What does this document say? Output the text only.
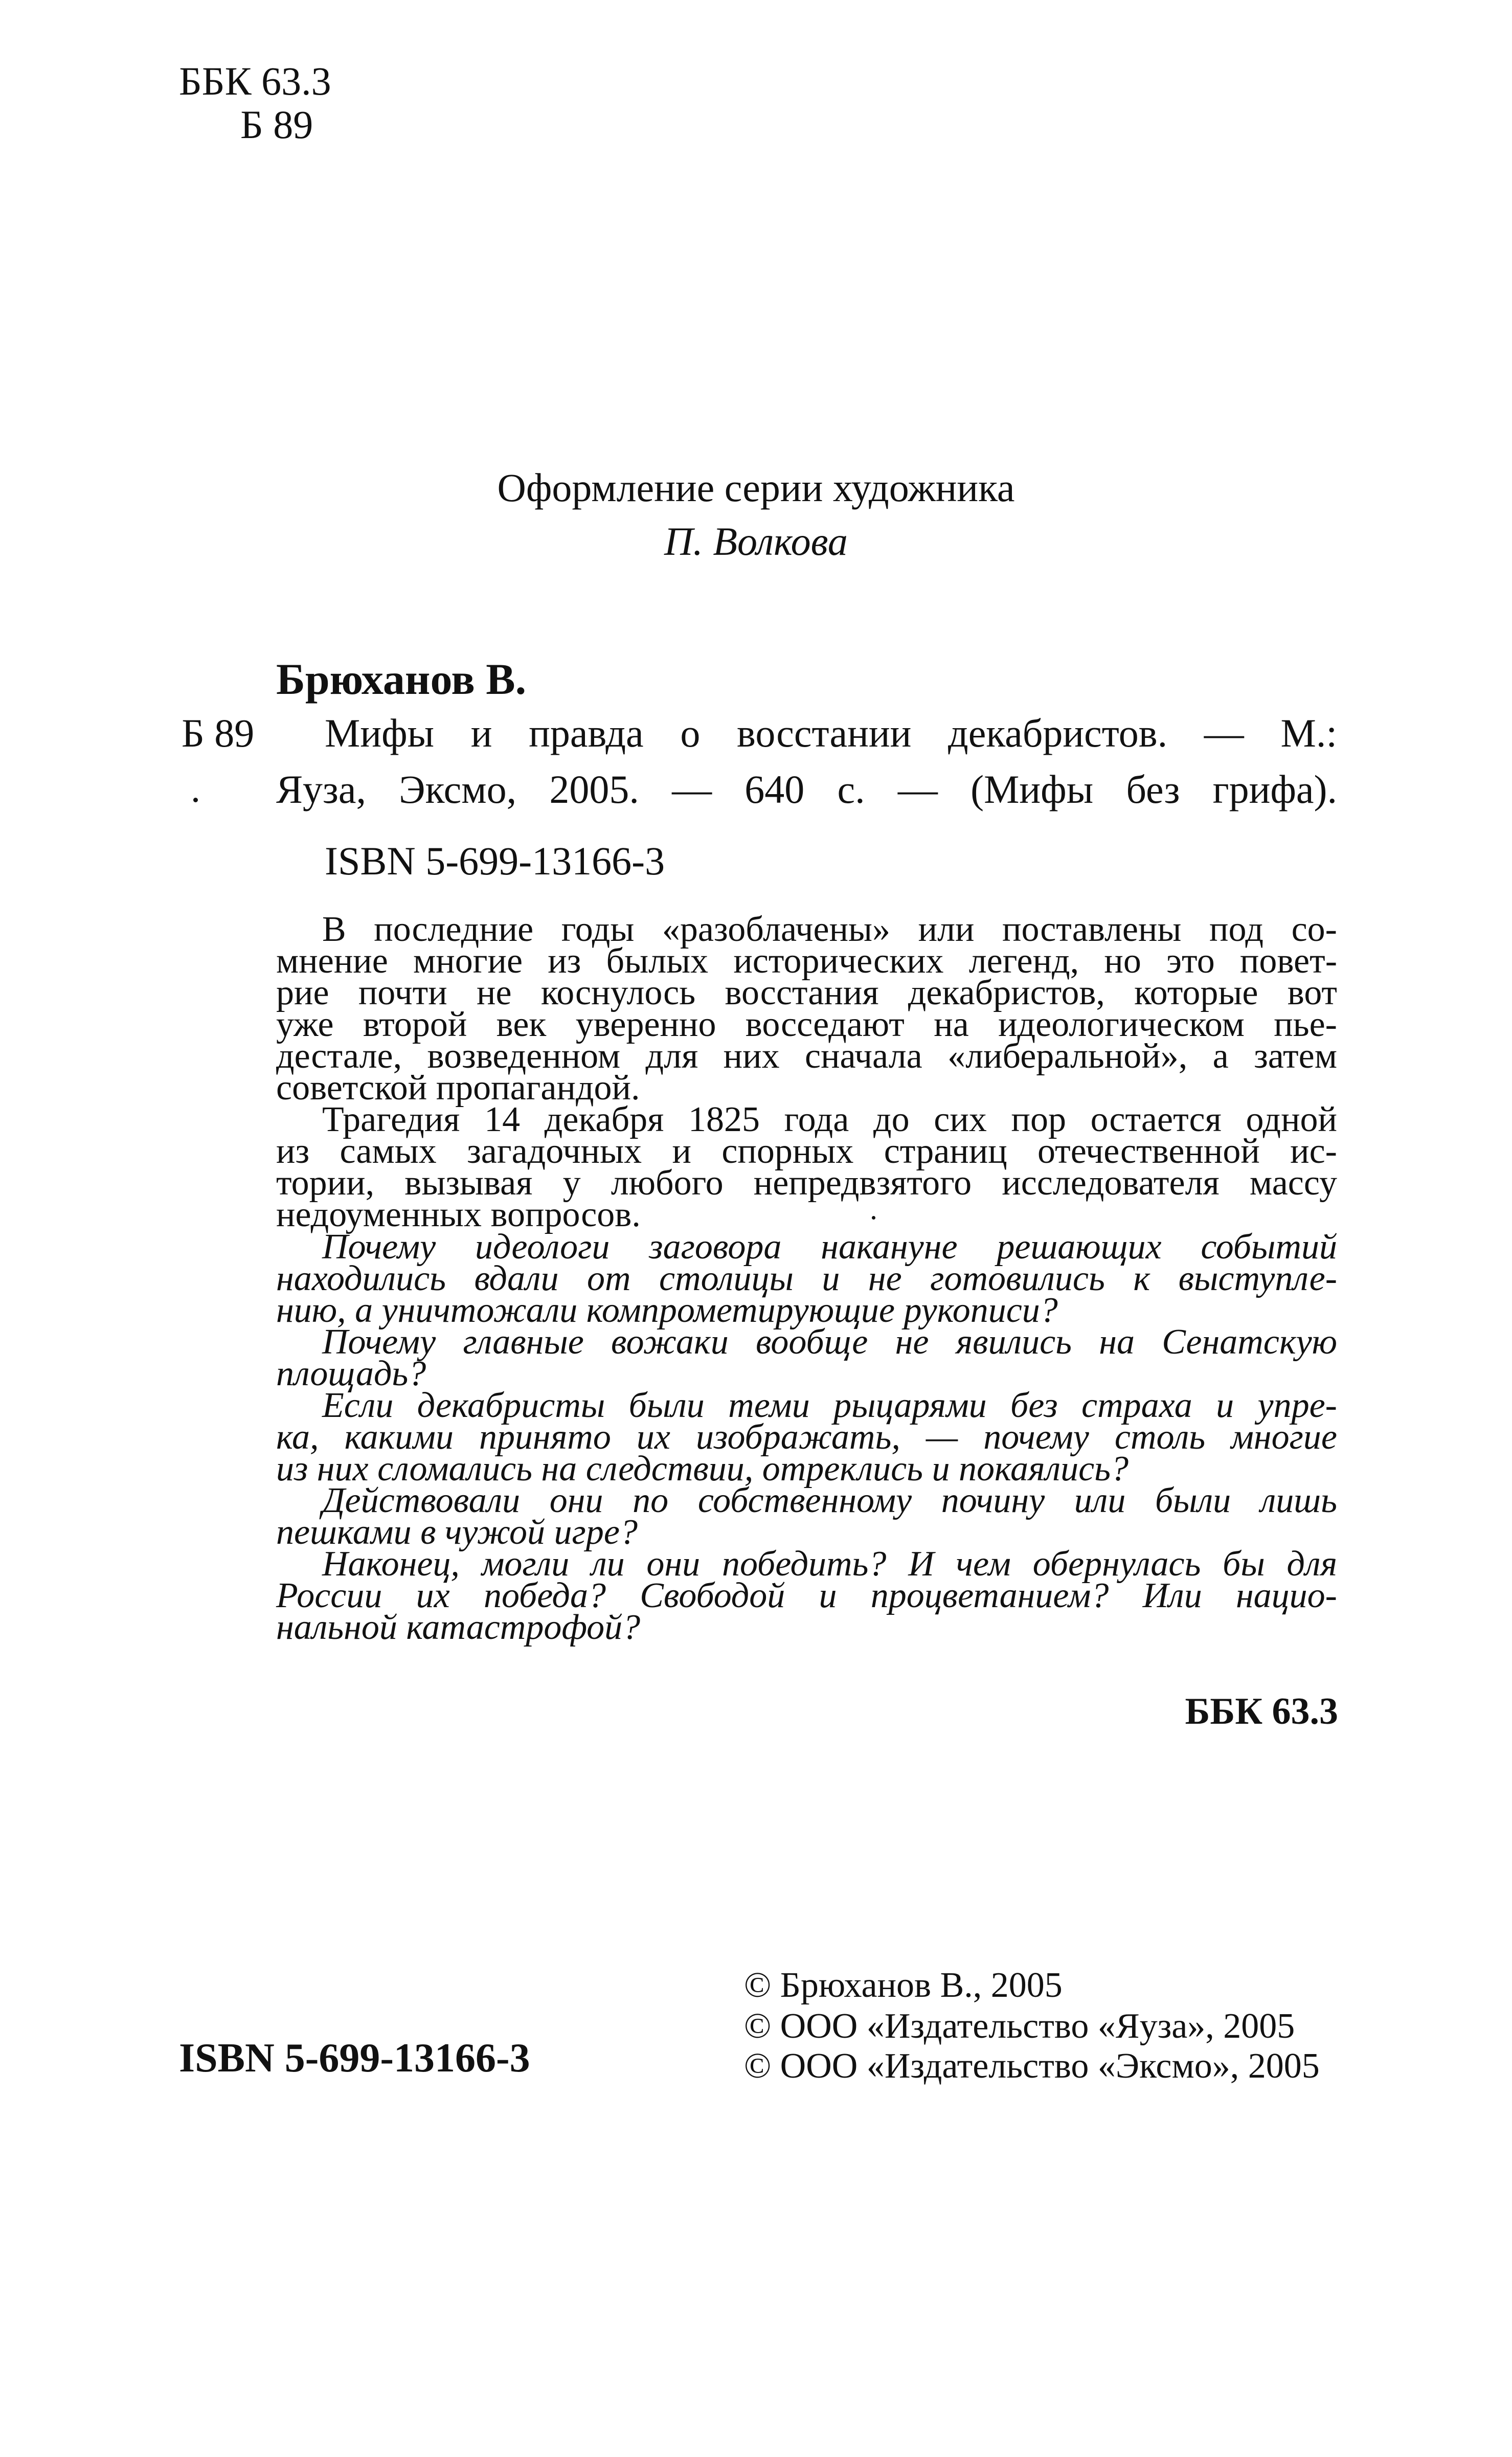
ББК 63.3
Б 89
Оформление серии художника
П. Волкова
Брюханов В.
Б 89 Мифы и правда о восстании декабристов. — М.:
Яуза, Эксмо, 2005. — 640 с. — (Мифы без грифа).
ISBN 5-699-13166-3
В последние годы «разоблачены» или поставлены под со-
мнение многие из былых исторических легенд, но это повет-
рие почти не коснулось восстания декабристов, которые вот
уже второй век уверенно восседают на идеологическом пье-
дестале, возведенном для них сначала «либеральной», а затем
советской пропагандой.
Трагедия 14 декабря 1825 года до сих пор остается одной
из самых загадочных и спорных страниц отечественной ис-
тории, вызывая у любого непредвзятого исследователя массу
недоуменных вопросов.
Почему идеологи заговора накануне решающих событий
находились вдали от столицы и не готовились к выступле-
нию, а уничтожали компрометирующие рукописи?
Почему главные вожаки вообще не явились на Сенатскую
площадь?
Если декабристы были теми рыцарями без страха и упре-
ка, какими принято их изображать, — почему столь многие
из них сломались на следствии, отреклись и покаялись?
Действовали они по собственному почину или были лишь
пешками в чужой игре?
Наконец, могли ли они победить? И чем обернулась бы для
России их победа? Свободой и процветанием? Или нацио-
нальной катастрофой?
ББК 63.3
© Брюханов В., 2005
© ООО «Издательство «Яуза», 2005
© ООО «Издательство «Эксмо», 2005
ISBN 5-699-13166-3
